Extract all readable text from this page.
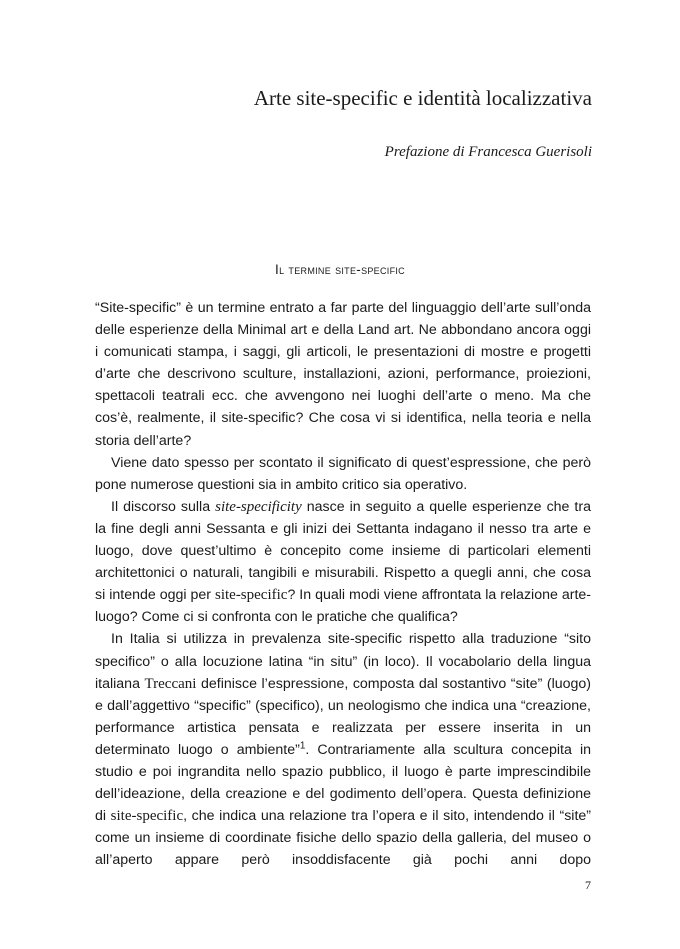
Arte site-specific e identità localizzativa

Prefazione di Francesca Guerisoli

Il termine site-specific

“Site-specific” è un termine entrato a far parte del linguaggio dell’arte sull’onda delle esperienze della Minimal art e della Land art. Ne abbondano ancora oggi i comunicati stampa, i saggi, gli articoli, le presentazioni di mostre e progetti d’arte che descrivono sculture, installazioni, azioni, performance, proiezioni, spettacoli teatrali ecc. che avvengono nei luoghi dell’arte o meno. Ma che cos’è, realmente, il site-specific? Che cosa vi si identifica, nella teoria e nella storia dell’arte?

Viene dato spesso per scontato il significato di quest’espressione, che però pone numerose questioni sia in ambito critico sia operativo.

Il discorso sulla site-specificity nasce in seguito a quelle esperienze che tra la fine degli anni Sessanta e gli inizi dei Settanta indagano il nesso tra arte e luogo, dove quest’ultimo è concepito come insieme di particolari elementi architettonici o naturali, tangibili e misurabili. Rispetto a quegli anni, che cosa si intende oggi per site-specific? In quali modi viene affrontata la relazione arte-luogo? Come ci si confronta con le pratiche che qualifica?

In Italia si utilizza in prevalenza site-specific rispetto alla traduzione “sito specifico” o alla locuzione latina “in situ” (in loco). Il vocabolario della lingua italiana Treccani definisce l’espressione, composta dal sostantivo “site” (luogo) e dall’aggettivo “specific” (specifico), un neologismo che indica una “creazione, performance artistica pensata e realizzata per essere inserita in un determinato luogo o ambiente”$^1$. Contrariamente alla scultura concepita in studio e poi ingrandita nello spazio pubblico, il luogo è parte imprescindibile dell’ideazione, della creazione e del godimento dell’opera. Questa definizione di site-specific, che indica una relazione tra l’opera e il sito, intendendo il “site” come un insieme di coordinate fisiche dello spazio della galleria, del museo o all’aperto appare però insoddisfacente già pochi anni dopo

7
